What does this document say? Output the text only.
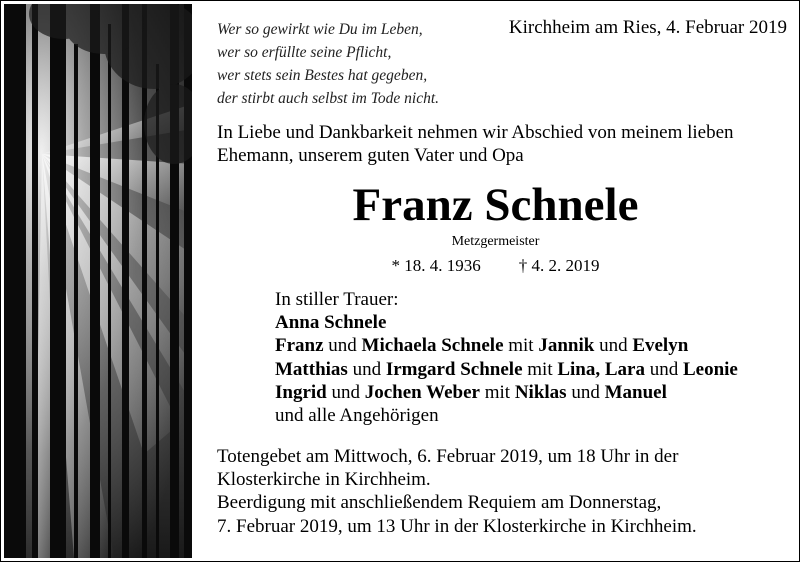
Wer so gewirkt wie Du im Leben,
wer so erfüllte seine Pflicht,
wer stets sein Bestes hat gegeben,
der stirbt auch selbst im Tode nicht.
Kirchheim am Ries, 4. Februar 2019
In Liebe und Dankbarkeit nehmen wir Abschied von meinem lieben
Ehemann, unserem guten Vater und Opa
Franz Schnele
Metzgermeister
* 18. 4. 1936 † 4. 2. 2019
In stiller Trauer:
Anna Schnele
Franz und Michaela Schnele mit Jannik und Evelyn
Matthias und Irmgard Schnele mit Lina, Lara und Leonie
Ingrid und Jochen Weber mit Niklas und Manuel
und alle Angehörigen
Totengebet am Mittwoch, 6. Februar 2019, um 18 Uhr in der
Klosterkirche in Kirchheim.
Beerdigung mit anschließendem Requiem am Donnerstag,
7. Februar 2019, um 13 Uhr in der Klosterkirche in Kirchheim.
